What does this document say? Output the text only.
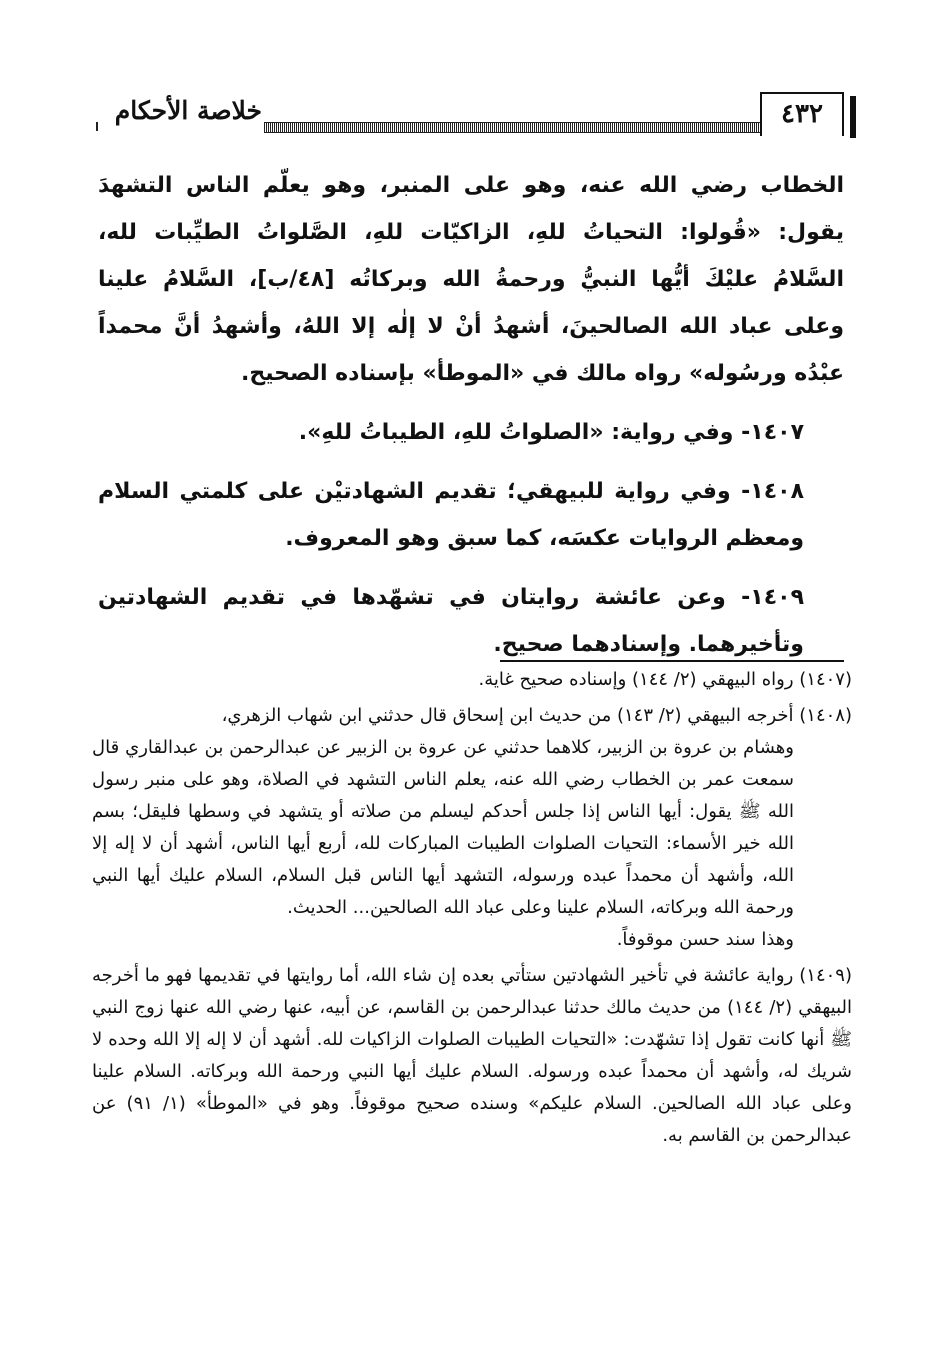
خلاصة الأحكام	٤٣٢

الخطاب رضي الله عنه، وهو على المنبر، وهو يعلّم الناس التشهدَ يقول: «قُولوا: التحياتُ للهِ، الزاكيّات للهِ، الصَّلواتُ الطيِّبات لله، السَّلامُ عليْكَ أيُّها النبيُّ ورحمةُ الله وبركاتُه [٤٨/ب]، السَّلامُ علينا وعلى عباد الله الصالحينَ، أشهدُ أنْ لا إلٰه إلا اللهُ، وأشهدُ أنَّ محمداً عبْدُه ورسُوله» رواه مالك في «الموطأ» بإسناده الصحيح.

١٤٠٧- وفي رواية: «الصلواتُ للهِ، الطيباتُ للهِ».

١٤٠٨- وفي رواية للبيهقي؛ تقديم الشهادتيْن على كلمتي السلام ومعظم الروايات عكسَه، كما سبق وهو المعروف.

١٤٠٩- وعن عائشة روايتان في تشهّدها في تقديم الشهادتين وتأخيرهما. وإسنادهما صحيح.

(١٤٠٧) رواه البيهقي (٢/ ١٤٤) وإسناده صحيح غاية.

(١٤٠٨) أخرجه البيهقي (٢/ ١٤٣) من حديث ابن إسحاق قال حدثني ابن شهاب الزهري،
وهشام بن عروة بن الزبير، كلاهما حدثني عن عروة بن الزبير عن عبدالرحمن بن عبدالقاري قال سمعت عمر بن الخطاب رضي الله عنه، يعلم الناس التشهد في الصلاة، وهو على منبر رسول الله ﷺ يقول: أيها الناس إذا جلس أحدكم ليسلم من صلاته أو يتشهد في وسطها فليقل؛ بسم الله خير الأسماء: التحيات الصلوات الطيبات المباركات لله، أربع أيها الناس، أشهد أن لا إله إلا الله، وأشهد أن محمداً عبده ورسوله، التشهد أيها الناس قبل السلام، السلام عليك أيها النبي ورحمة الله وبركاته، السلام علينا وعلى عباد الله الصالحين... الحديث.
وهذا سند حسن موقوفاً.

(١٤٠٩) رواية عائشة في تأخير الشهادتين ستأتي بعده إن شاء الله، أما روايتها في تقديمها فهو ما أخرجه البيهقي (٢/ ١٤٤) من حديث مالك حدثنا عبدالرحمن بن القاسم، عن أبيه، عنها رضي الله عنها زوج النبي ﷺ أنها كانت تقول إذا تشهّدت: «التحيات الطيبات الصلوات الزاكيات لله. أشهد أن لا إله إلا الله وحده لا شريك له، وأشهد أن محمداً عبده ورسوله. السلام عليك أيها النبي ورحمة الله وبركاته. السلام علينا وعلى عباد الله الصالحين. السلام عليكم» وسنده صحيح موقوفاً. وهو في «الموطأ» (١/ ٩١) عن عبدالرحمن بن القاسم به.
